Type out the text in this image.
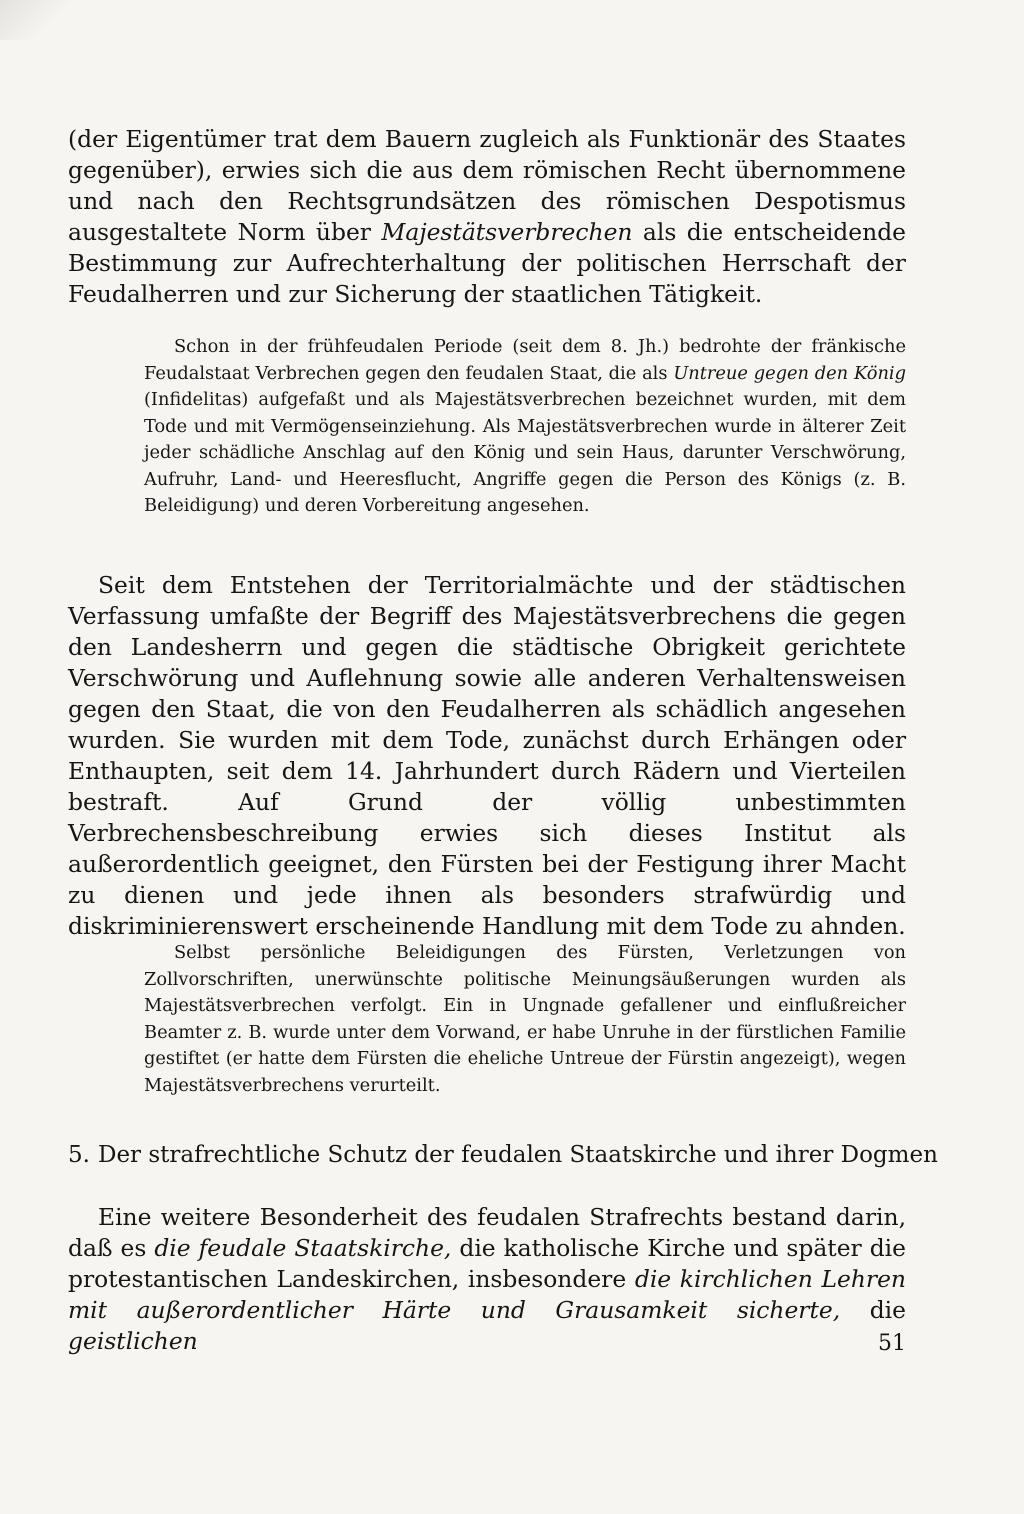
(der Eigentümer trat dem Bauern zugleich als Funktionär des Staates gegenüber), erwies sich die aus dem römischen Recht übernommene und nach den Rechtsgrundsätzen des römischen Despotismus ausgestaltete Norm über Majestätsverbrechen als die entscheidende Bestimmung zur Aufrechterhaltung der politischen Herrschaft der Feudalherren und zur Sicherung der staatlichen Tätigkeit.

Schon in der frühfeudalen Periode (seit dem 8. Jh.) bedrohte der fränkische Feudalstaat Verbrechen gegen den feudalen Staat, die als Untreue gegen den König (Infidelitas) aufgefaßt und als Majestätsverbrechen bezeichnet wurden, mit dem Tode und mit Vermögenseinziehung. Als Majestätsverbrechen wurde in älterer Zeit jeder schädliche Anschlag auf den König und sein Haus, darunter Verschwörung, Aufruhr, Land- und Heeresflucht, Angriffe gegen die Person des Königs (z. B. Beleidigung) und deren Vorbereitung angesehen.

Seit dem Entstehen der Territorialmächte und der städtischen Verfassung umfaßte der Begriff des Majestätsverbrechens die gegen den Landesherrn und gegen die städtische Obrigkeit gerichtete Verschwörung und Auflehnung sowie alle anderen Verhaltensweisen gegen den Staat, die von den Feudalherren als schädlich angesehen wurden. Sie wurden mit dem Tode, zunächst durch Erhängen oder Enthaupten, seit dem 14. Jahrhundert durch Rädern und Vierteilen bestraft. Auf Grund der völlig unbestimmten Verbrechensbeschreibung erwies sich dieses Institut als außerordentlich geeignet, den Fürsten bei der Festigung ihrer Macht zu dienen und jede ihnen als besonders strafwürdig und diskriminierenswert erscheinende Handlung mit dem Tode zu ahnden.

Selbst persönliche Beleidigungen des Fürsten, Verletzungen von Zollvorschriften, unerwünschte politische Meinungsäußerungen wurden als Majestätsverbrechen verfolgt. Ein in Ungnade gefallener und einflußreicher Beamter z. B. wurde unter dem Vorwand, er habe Unruhe in der fürstlichen Familie gestiftet (er hatte dem Fürsten die eheliche Untreue der Fürstin angezeigt), wegen Majestätsverbrechens verurteilt.

5. Der strafrechtliche Schutz der feudalen Staatskirche und ihrer Dogmen

Eine weitere Besonderheit des feudalen Strafrechts bestand darin, daß es die feudale Staatskirche, die katholische Kirche und später die protestantischen Landeskirchen, insbesondere die kirchlichen Lehren mit außerordentlicher Härte und Grausamkeit sicherte, die geistlichen	51
